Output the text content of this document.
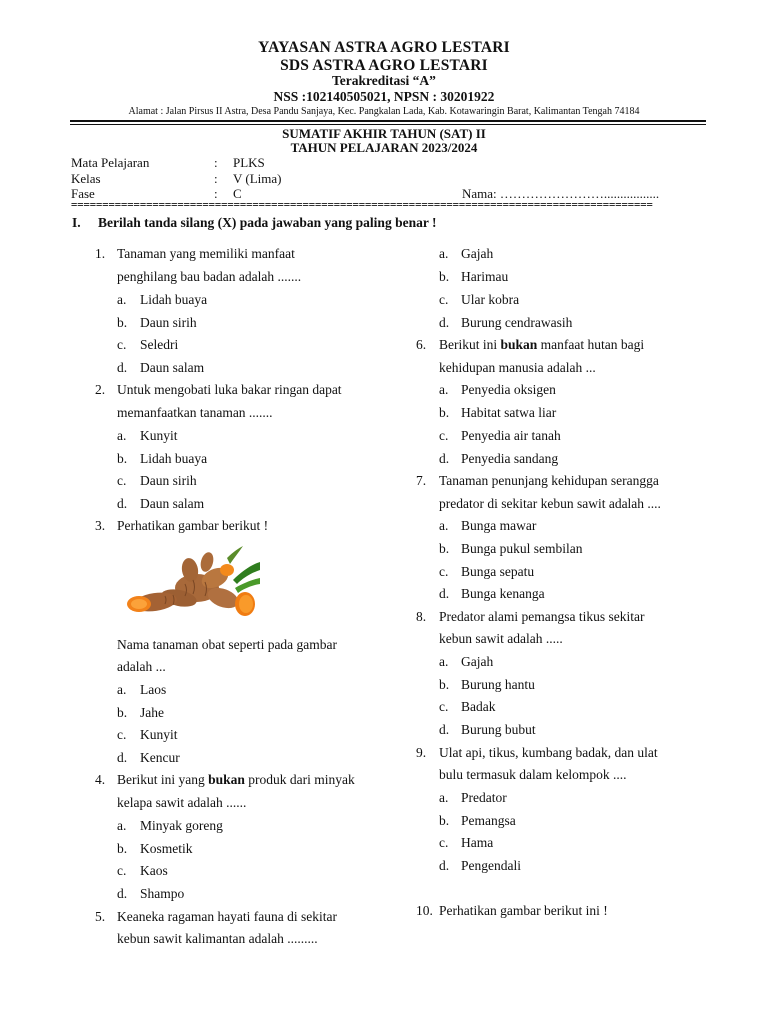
YAYASAN ASTRA AGRO LESTARI
SDS ASTRA AGRO LESTARI
Terakreditasi “A”
NSS :102140505021, NPSN : 30201922
Alamat : Jalan Pirsus II Astra, Desa Pandu Sanjaya, Kec. Pangkalan Lada, Kab. Kotawaringin Barat, Kalimantan Tengah 74184
SUMATIF AKHIR TAHUN (SAT) II
TAHUN PELAJARAN 2023/2024
Mata Pelajaran	: PLKS
Kelas	: V (Lima)
Fase	: C	Nama: …………………….................
=============================================================================================
I. Berilah tanda silang (X) pada jawaban yang paling benar !
1. Tanaman yang memiliki manfaat
penghilang bau badan adalah .......
a. Lidah buaya
b. Daun sirih
c. Seledri
d. Daun salam
2. Untuk mengobati luka bakar ringan dapat
memanfaatkan tanaman .......
a. Kunyit
b. Lidah buaya
c. Daun sirih
d. Daun salam
3. Perhatikan gambar berikut !
Nama tanaman obat seperti pada gambar
adalah ...
a. Laos
b. Jahe
c. Kunyit
d. Kencur
4. Berikut ini yang bukan produk dari minyak
kelapa sawit adalah ......
a. Minyak goreng
b. Kosmetik
c. Kaos
d. Shampo
5. Keaneka ragaman hayati fauna di sekitar
kebun sawit kalimantan adalah .........
a. Gajah
b. Harimau
c. Ular kobra
d. Burung cendrawasih
6. Berikut ini bukan manfaat hutan bagi
kehidupan manusia adalah ...
a. Penyedia oksigen
b. Habitat satwa liar
c. Penyedia air tanah
d. Penyedia sandang
7. Tanaman penunjang kehidupan serangga
predator di sekitar kebun sawit adalah ....
a. Bunga mawar
b. Bunga pukul sembilan
c. Bunga sepatu
d. Bunga kenanga
8. Predator alami pemangsa tikus sekitar
kebun sawit adalah .....
a. Gajah
b. Burung hantu
c. Badak
d. Burung bubut
9. Ulat api, tikus, kumbang badak, dan ulat
bulu termasuk dalam kelompok ....
a. Predator
b. Pemangsa
c. Hama
d. Pengendali
10. Perhatikan gambar berikut ini !
